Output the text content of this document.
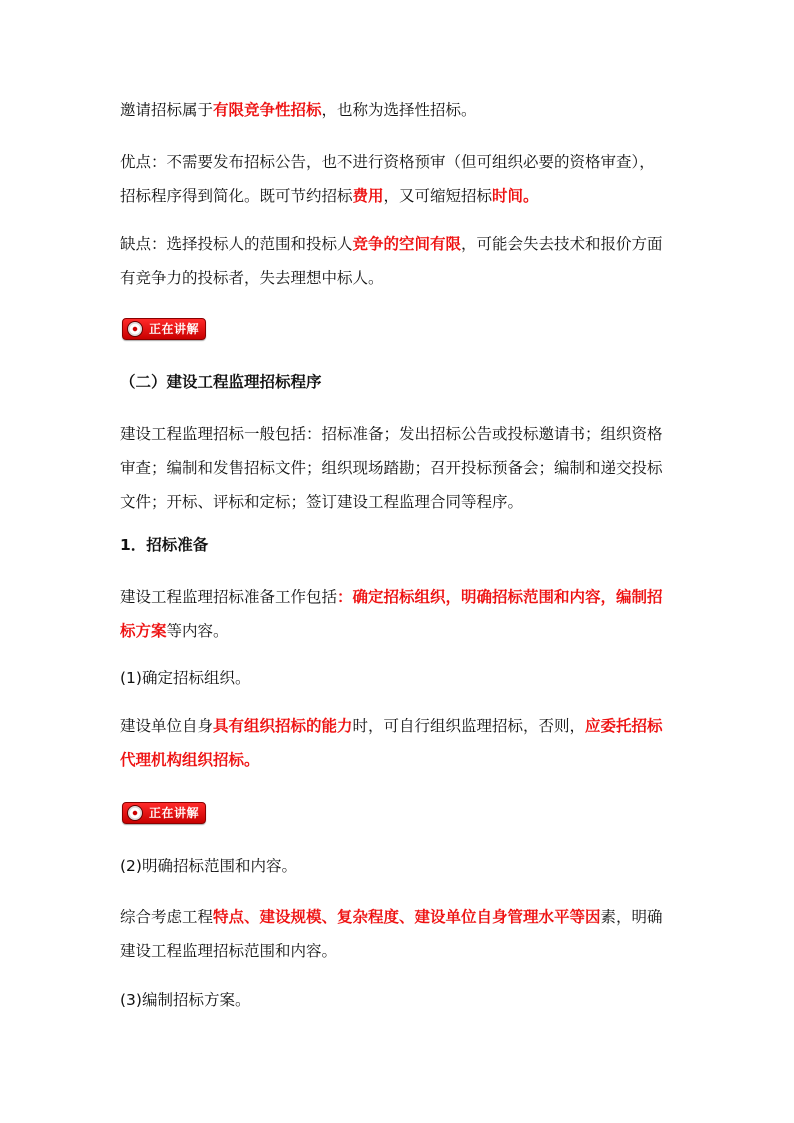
邀请招标属于有限竞争性招标，也称为选择性招标。

优点：不需要发布招标公告，也不进行资格预审（但可组织必要的资格审查），
招标程序得到简化。既可节约招标费用，又可缩短招标时间。
缺点：选择投标人的范围和投标人竞争的空间有限，可能会失去技术和报价方面
有竞争力的投标者，失去理想中标人。
正在讲解

（二）建设工程监理招标程序

建设工程监理招标一般包括：招标准备；发出招标公告或投标邀请书；组织资格
审查；编制和发售招标文件；组织现场踏勘；召开投标预备会；编制和递交投标
文件；开标、评标和定标；签订建设工程监理合同等程序。

1．招标准备

建设工程监理招标准备工作包括：确定招标组织，明确招标范围和内容，编制招
标方案等内容。

(1)确定招标组织。

建设单位自身具有组织招标的能力时，可自行组织监理招标，否则，应委托招标
代理机构组织招标。
正在讲解

(2)明确招标范围和内容。

综合考虑工程特点、建设规模、复杂程度、建设单位自身管理水平等因素，明确
建设工程监理招标范围和内容。

(3)编制招标方案。
